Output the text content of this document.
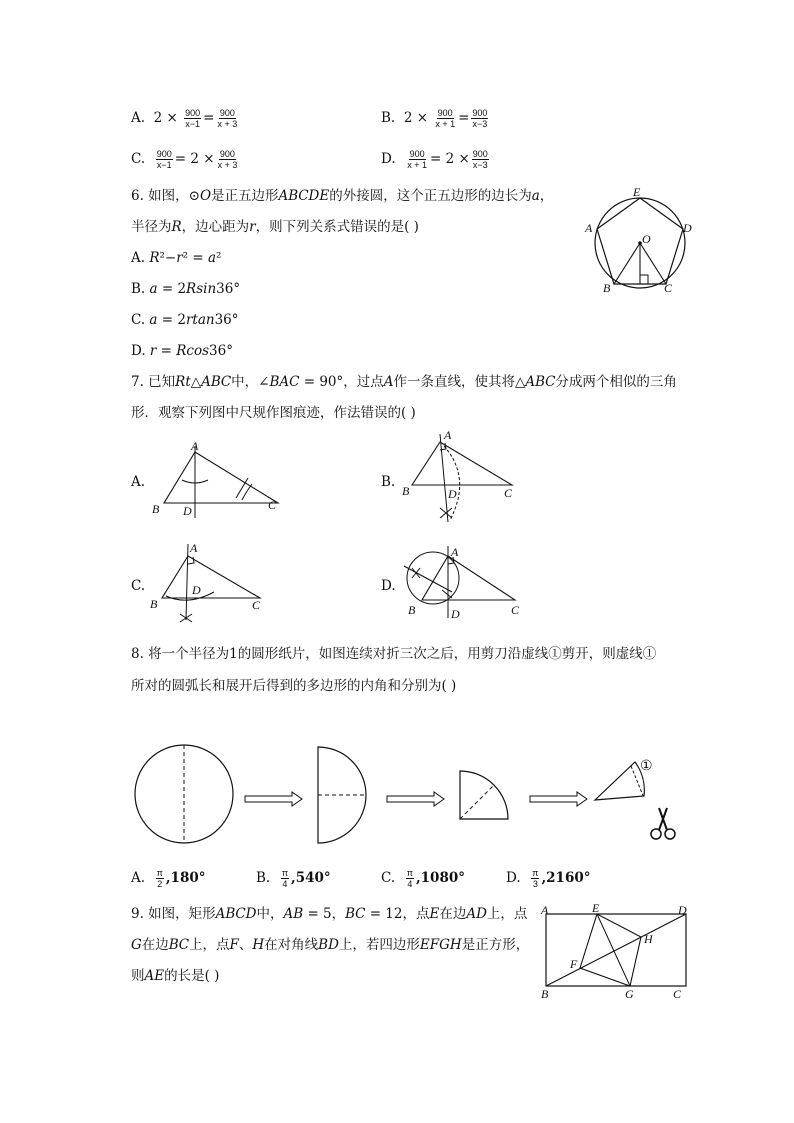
A. $2 \times \frac{900}{x-1} = \frac{900}{x + 3}$	B. $2 \times \frac{900}{x + 1} = \frac{900}{x-3}$
C. $\frac{900}{x-1} = 2 \times \frac{900}{x + 3}$	D. $\frac{900}{x + 1} = 2 \times \frac{900}{x-3}$
6. 如图，⊙𝑂是正五边形𝐴𝐵𝐶𝐷𝐸的外接圆，这个正五边形的边长为𝑎，
半径为𝑅，边心距为𝑟，则下列关系式错误的是( )
A. 𝑅²−𝑟² = 𝑎²
B. 𝑎 = 2𝑅𝑠𝑖𝑛36°
C. 𝑎 = 2𝑟𝑡𝑎𝑛36°
D. 𝑟 = 𝑅𝑐𝑜𝑠36°
E
A	D
O
B	C
7. 已知𝑅𝑡△𝐴𝐵𝐶中，∠𝐵𝐴𝐶 = 90°，过点𝐴作一条直线，使其将△𝐴𝐵𝐶分成两个相似的三角
形．观察下列图中尺规作图痕迹，作法错误的( )
A.
A
B D	C
B.
A
B	D	C
C.
A
B
D
C
D.
A
B	D	C
8. 将一个半径为1的圆形纸片，如图连续对折三次之后，用剪刀沿虚线①剪开，则虚线①
所对的圆弧长和展开后得到的多边形的内角和分别为( )
①
A. $\frac{\pi}{2} ,180^\circ$	B. $\frac{\pi}{4} ,540^\circ$	C. $\frac{\pi}{4} ,1080^\circ$	D. $\frac{\pi}{3} ,2160^\circ$
9. 如图，矩形𝐴𝐵𝐶𝐷中，𝐴𝐵 = 5，𝐵𝐶 = 12，点𝐸在边𝐴𝐷上，点
𝐺在边𝐵𝐶上，点𝐹、𝐻在对角线𝐵𝐷上，若四边形𝐸𝐹𝐺𝐻是正方形，
则𝐴𝐸的长是( )
A	E	D
H
F
B	G	C
